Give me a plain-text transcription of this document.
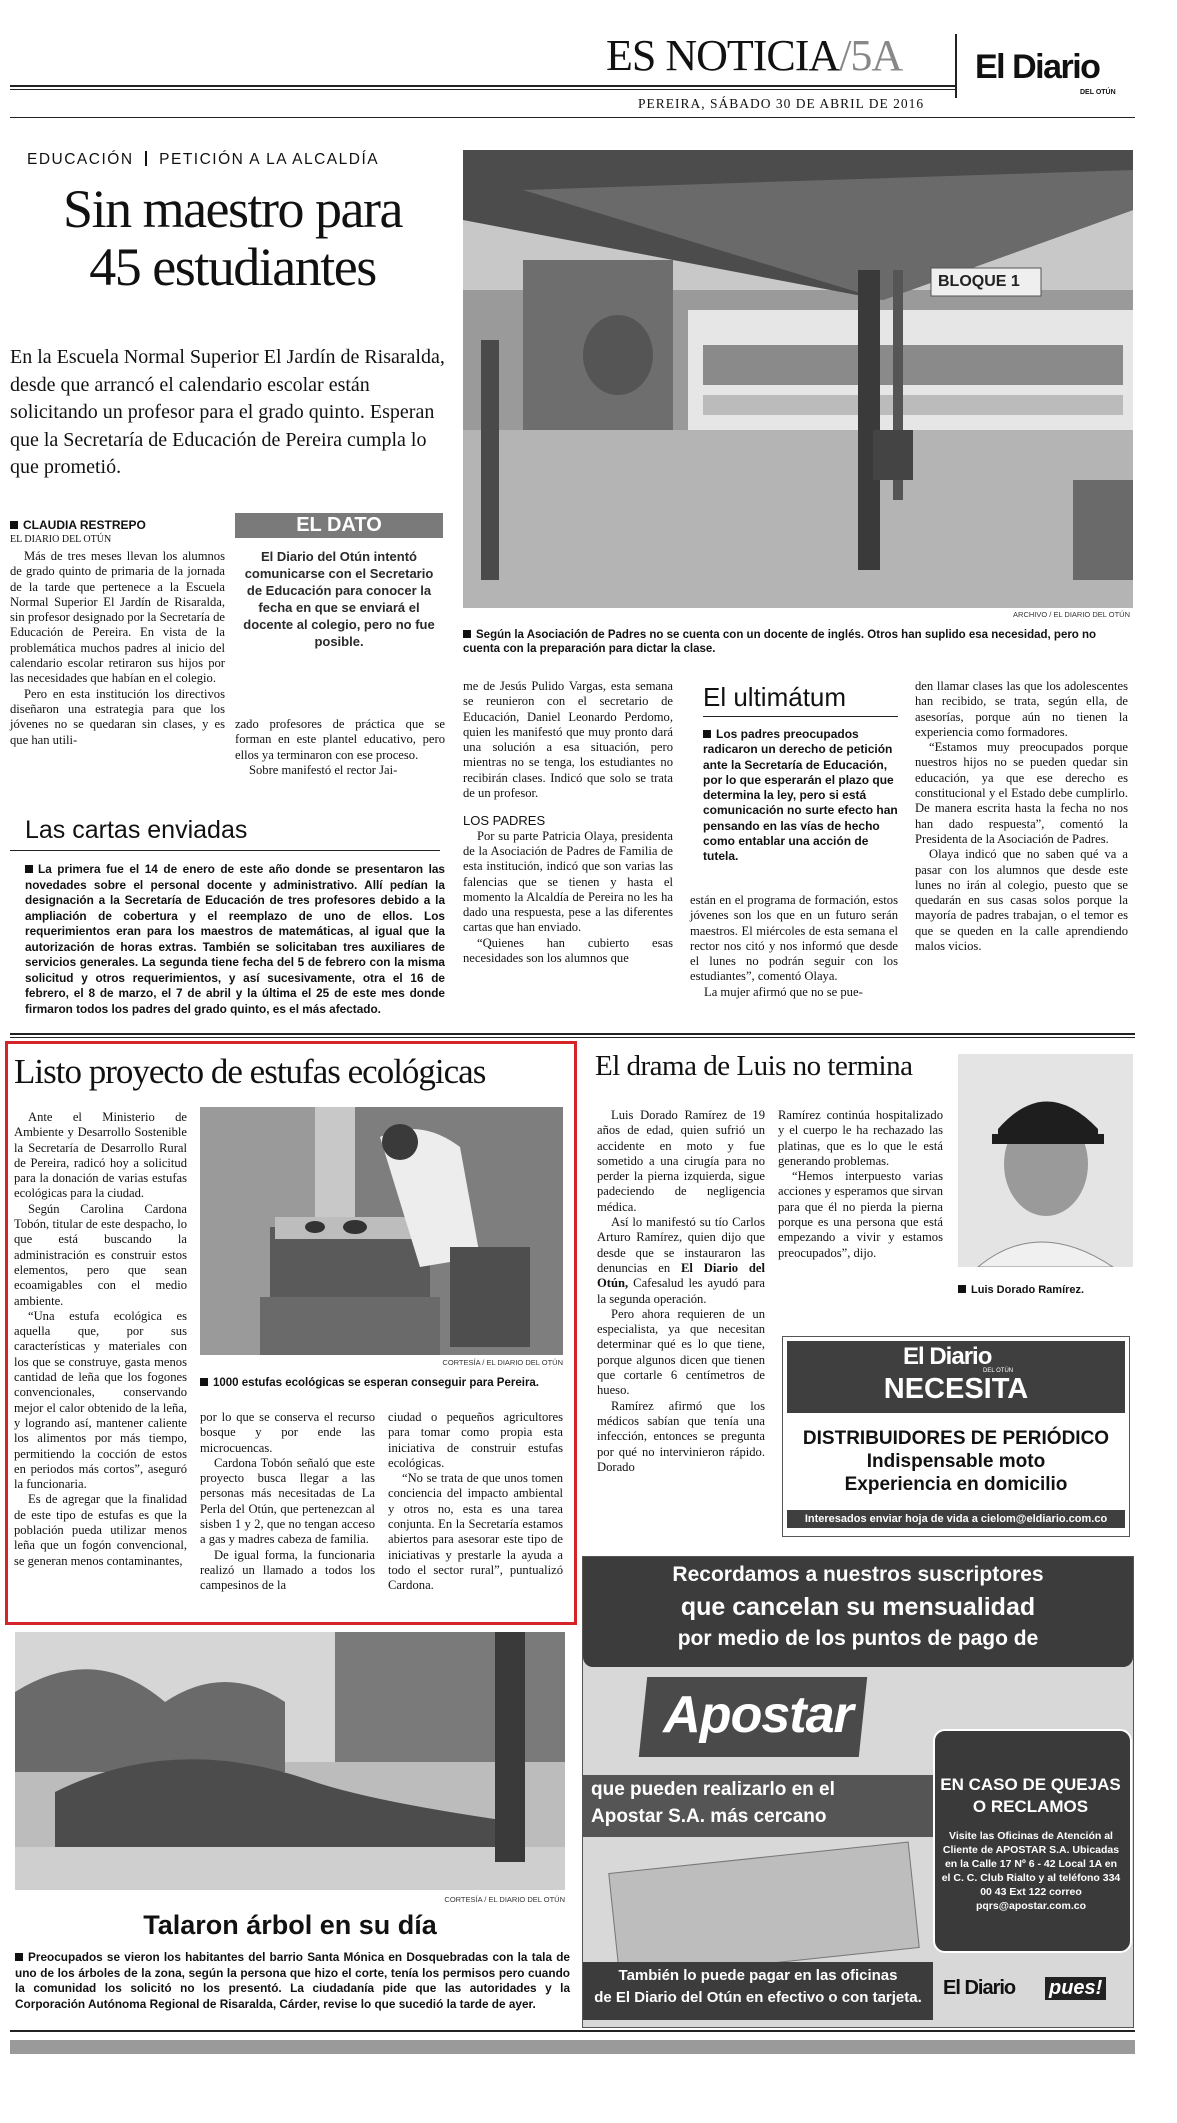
ES NOTICIA/5A El Diario
DEL OTÚN
PEREIRA, SÁBADO 30 DE ABRIL DE 2016
EDUCACIÓN PETICIÓN A LA ALCALDÍA
Sin maestro para
45 estudiantes
En la Escuela Normal Superior El Jardín de Risaralda, desde que arrancó el calendario escolar están solicitando un profesor para el grado quinto. Esperan que la Secretaría de Educación de Pereira cumpla lo que prometió.
CLAUDIA RESTREPO
EL DIARIO DEL OTÚN

Más de tres meses llevan los alumnos de grado quinto de primaria de la jornada de la tarde que pertenece a la Escuela Normal Superior El Jardín de Risaralda, sin profesor designado por la Secretaría de Educación de Pereira. En vista de la problemática muchos padres al inicio del calendario escolar retiraron sus hijos por las necesidades que habían en el colegio.

Pero en esta institución los directivos diseñaron una estrategia para que los jóvenes no se quedaran sin clases, y es que han utili-

EL DATO
El Diario del Otún intentó comunicarse con el Secretario de Educación para conocer la fecha en que se enviará el docente al colegio, pero no fue posible.

zado profesores de práctica que se forman en este plantel educativo, pero ellos ya terminaron con ese proceso.

Sobre manifestó el rector Jai-

BLOQUE 1
ARCHIVO / EL DIARIO DEL OTÚN
Según la Asociación de Padres no se cuenta con un docente de inglés. Otros han suplido esa necesidad, pero no cuenta con la preparación para dictar la clase.

me de Jesús Pulido Vargas, esta semana se reunieron con el secretario de Educación, Daniel Leonardo Perdomo, quien les manifestó que muy pronto dará una solución a esa situación, pero mientras no se tenga, los estudiantes no recibirán clases. Indicó que solo se trata de un profesor.

LOS PADRES

Por su parte Patricia Olaya, presidenta de la Asociación de Padres de Familia de esta institución, indicó que son varias las falencias que se tienen y hasta el momento la Alcaldía de Pereira no les ha dado una respuesta, pese a las diferentes cartas que han enviado.

“Quienes han cubierto esas necesidades son los alumnos que

El ultimátum
Los padres preocupados radicaron un derecho de petición ante la Secretaría de Educación, por lo que esperarán el plazo que determina la ley, pero si está comunicación no surte efecto han pensando en las vías de hecho como entablar una acción de tutela.

están en el programa de formación, estos jóvenes son los que en un futuro serán maestros. El miércoles de esta semana el rector nos citó y nos informó que desde el lunes no podrán seguir con los estudiantes”, comentó Olaya.

La mujer afirmó que no se pue-

den llamar clases las que los adolescentes han recibido, se trata, según ella, de asesorías, porque aún no tienen la experiencia como formadores.

“Estamos muy preocupados porque nuestros hijos no se pueden quedar sin educación, ya que ese derecho es constitucional y el Estado debe cumplirlo. De manera escrita hasta la fecha no nos han dado respuesta”, comentó la Presidenta de la Asociación de Padres.

Olaya indicó que no saben qué va a pasar con los alumnos que desde este lunes no irán al colegio, puesto que se quedarán en sus casas solos porque la mayoría de padres trabajan, o el temor es que se queden en la calle aprendiendo malos vicios.

Las cartas enviadas
La primera fue el 14 de enero de este año donde se presentaron las novedades sobre el personal docente y administrativo. Allí pedían la designación a la Secretaría de Educación de tres profesores debido a la ampliación de cobertura y el reemplazo de uno de ellos. Los requerimientos eran para los maestros de matemáticas, al igual que la autorización de horas extras. También se solicitaban tres auxiliares de servicios generales. La segunda tiene fecha del 5 de febrero con la misma solicitud y otros requerimientos, y así sucesivamente, otra el 16 de febrero, el 8 de marzo, el 7 de abril y la última el 25 de este mes donde firmaron todos los padres del grado quinto, es el más afectado.
Listo proyecto de estufas ecológicas

Ante el Ministerio de Ambiente y Desarrollo Sostenible la Secretaría de Desarrollo Rural de Pereira, radicó hoy a solicitud para la donación de varias estufas ecológicas para la ciudad.

Según Carolina Cardona Tobón, titular de este despacho, lo que está buscando la administración es construir estos elementos, pero que sean ecoamigables con el medio ambiente.

“Una estufa ecológica es aquella que, por sus características y materiales con los que se construye, gasta menos cantidad de leña que los fogones convencionales, conservando mejor el calor obtenido de la leña, y logrando así, mantener caliente los alimentos por más tiempo, permitiendo la cocción de estos en periodos más cortos”, aseguró la funcionaria.

Es de agregar que la finalidad de este tipo de estufas es que la población pueda utilizar menos leña que un fogón convencional, se generan menos contaminantes,

CORTESÍA / EL DIARIO DEL OTÚN
1000 estufas ecológicas se esperan conseguir para Pereira.

por lo que se conserva el recurso bosque y por ende las microcuencas.

Cardona Tobón señaló que este proyecto busca llegar a las personas más necesitadas de La Perla del Otún, que pertenezcan al sisben 1 y 2, que no tengan acceso a gas y madres cabeza de familia.

De igual forma, la funcionaria realizó un llamado a todos los campesinos de la

ciudad o pequeños agricultores para tomar como propia esta iniciativa de construir estufas ecológicas.

“No se trata de que unos tomen conciencia del impacto ambiental y otros no, esta es una tarea conjunta. En la Secretaría estamos abiertos para asesorar este tipo de iniciativas y prestarle la ayuda a todo el sector rural”, puntualizó Cardona.

El drama de Luis no termina

Luis Dorado Ramírez de 19 años de edad, quien sufrió un accidente en moto y fue sometido a una cirugía para no perder la pierna izquierda, sigue padeciendo de negligencia médica.

Así lo manifestó su tío Carlos Arturo Ramírez, quien dijo que desde que se instauraron las denuncias en El Diario del Otún, Cafesalud les ayudó para la segunda operación.

Pero ahora requieren de un especialista, ya que necesitan determinar qué es lo que tiene, porque algunos dicen que tienen que cortarle 6 centímetros de hueso.

Ramírez afirmó que los médicos sabían que tenía una infección, entonces se pregunta por qué no intervinieron rápido. Dorado

Ramírez continúa hospitalizado y el cuerpo le ha rechazado las platinas, que es lo que le está generando problemas.

“Hemos interpuesto varias acciones y esperamos que sirvan para que él no pierda la pierna porque es una persona que está empezando a vivir y estamos preocupados”, dijo.

Luis Dorado Ramírez.
El Diario
DEL OTÚN
NECESITA
DISTRIBUIDORES DE PERIÓDICO
Indispensable moto
Experiencia en domicilio
Interesados enviar hoja de vida a cielom@eldiario.com.co
Recordamos a nuestros suscriptores
que cancelan su mensualidad
por medio de los puntos de pago de
Apostar
que pueden realizarlo en el
Apostar S.A. más cercano
EN CASO DE QUEJAS
O RECLAMOS
Visite las Oficinas de Atención al Cliente de APOSTAR S.A. Ubicadas en la Calle 17 Nº 6 - 42 Local 1A en el C. C. Club Rialto y al teléfono 334 00 43 Ext 122 correo pqrs@apostar.com.co
También lo puede pagar en las oficinas
de El Diario del Otún en efectivo o con tarjeta.	El Diario pues!
CORTESÍA / EL DIARIO DEL OTÚN
Talaron árbol en su día
Preocupados se vieron los habitantes del barrio Santa Mónica en Dosquebradas con la tala de uno de los árboles de la zona, según la persona que hizo el corte, tenía los permisos pero cuando la comunidad los solicitó no los presentó. La ciudadanía pide que las autoridades y la Corporación Autónoma Regional de Risaralda, Cárder, revise lo que sucedió la tarde de ayer.
